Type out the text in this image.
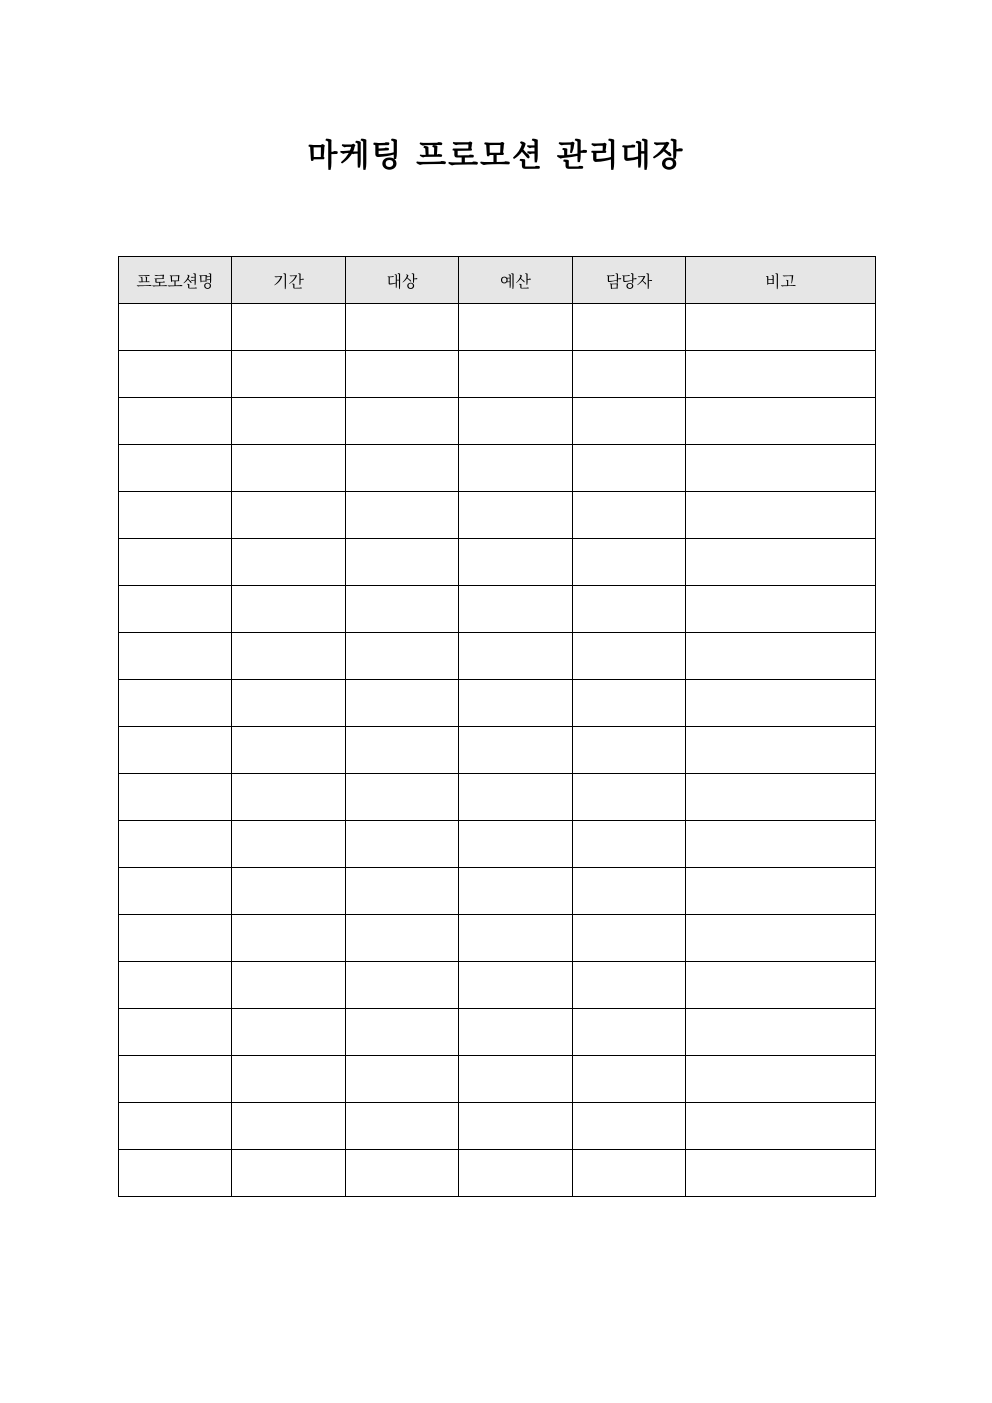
마케팅 프로모션 관리대장
프로모션명	기간	대상	예산	담당자	비고
